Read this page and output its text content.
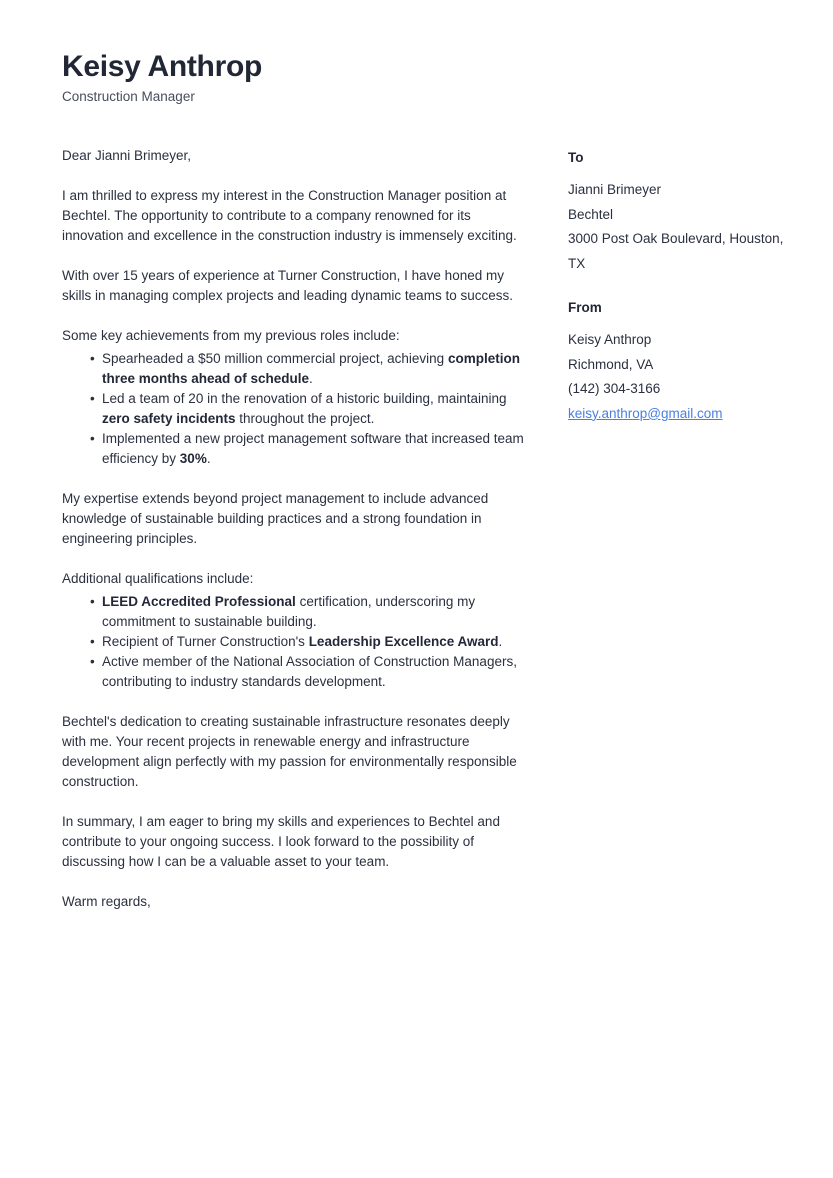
Keisy Anthrop
Construction Manager

Dear Jianni Brimeyer,

I am thrilled to express my interest in the Construction Manager position at Bechtel. The opportunity to contribute to a company renowned for its innovation and excellence in the construction industry is immensely exciting.

With over 15 years of experience at Turner Construction, I have honed my skills in managing complex projects and leading dynamic teams to success.

Some key achievements from my previous roles include:

• Spearheaded a $50 million commercial project, achieving completion three months ahead of schedule.
• Led a team of 20 in the renovation of a historic building, maintaining zero safety incidents throughout the project.
• Implemented a new project management software that increased team efficiency by 30%.

My expertise extends beyond project management to include advanced knowledge of sustainable building practices and a strong foundation in engineering principles.

Additional qualifications include:

• LEED Accredited Professional certification, underscoring my commitment to sustainable building.
• Recipient of Turner Construction's Leadership Excellence Award.
• Active member of the National Association of Construction Managers, contributing to industry standards development.

Bechtel's dedication to creating sustainable infrastructure resonates deeply with me. Your recent projects in renewable energy and infrastructure development align perfectly with my passion for environmentally responsible construction.

In summary, I am eager to bring my skills and experiences to Bechtel and contribute to your ongoing success. I look forward to the possibility of discussing how I can be a valuable asset to your team.

Warm regards,

To
Jianni Brimeyer
Bechtel
3000 Post Oak Boulevard, Houston, TX
From
Keisy Anthrop
Richmond, VA
(142) 304-3166
keisy.anthrop@gmail.com
